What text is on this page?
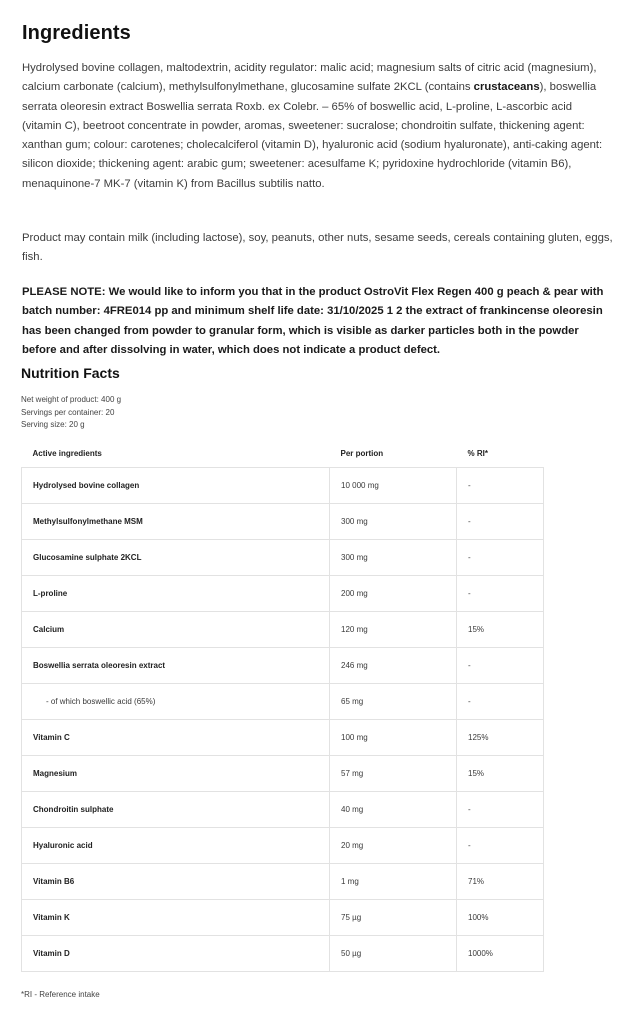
Ingredients

Hydrolysed bovine collagen, maltodextrin, acidity regulator: malic acid; magnesium salts of citric acid (magnesium), calcium carbonate (calcium), methylsulfonylmethane, glucosamine sulfate 2KCL (contains crustaceans), boswellia serrata oleoresin extract Boswellia serrata Roxb. ex Colebr. – 65% of boswellic acid, L-proline, L-ascorbic acid (vitamin C), beetroot concentrate in powder, aromas, sweetener: sucralose; chondroitin sulfate, thickening agent: xanthan gum; colour: carotenes; cholecalciferol (vitamin D), hyaluronic acid (sodium hyaluronate), anti-caking agent: silicon dioxide; thickening agent: arabic gum; sweetener: acesulfame K; pyridoxine hydrochloride (vitamin B6), menaquinone-7 MK-7 (vitamin K) from Bacillus subtilis natto.

Product may contain milk (including lactose), soy, peanuts, other nuts, sesame seeds, cereals containing gluten, eggs, fish.

PLEASE NOTE: We would like to inform you that in the product OstroVit Flex Regen 400 g peach & pear with batch number: 4FRE014 pp and minimum shelf life date: 31/10/2025 1 2 the extract of frankincense oleoresin has been changed from powder to granular form, which is visible as darker particles both in the powder before and after dissolving in water, which does not indicate a product defect.

Nutrition Facts
Net weight of product: 400 g
Servings per container: 20
Serving size: 20 g
Active ingredients	Per portion	% RI*
Hydrolysed bovine collagen	10 000 mg	-
Methylsulfonylmethane MSM	300 mg	-
Glucosamine sulphate 2KCL	300 mg	-
L-proline	200 mg	-
Calcium	120 mg	15%
Boswellia serrata oleoresin extract	246 mg	-
- of which boswellic acid (65%)	65 mg	-
Vitamin C	100 mg	125%
Magnesium	57 mg	15%
Chondroitin sulphate	40 mg	-
Hyaluronic acid	20 mg	-
Vitamin B6	1 mg	71%
Vitamin K	75 µg	100%
Vitamin D	50 µg	1000%
*RI - Reference intake
